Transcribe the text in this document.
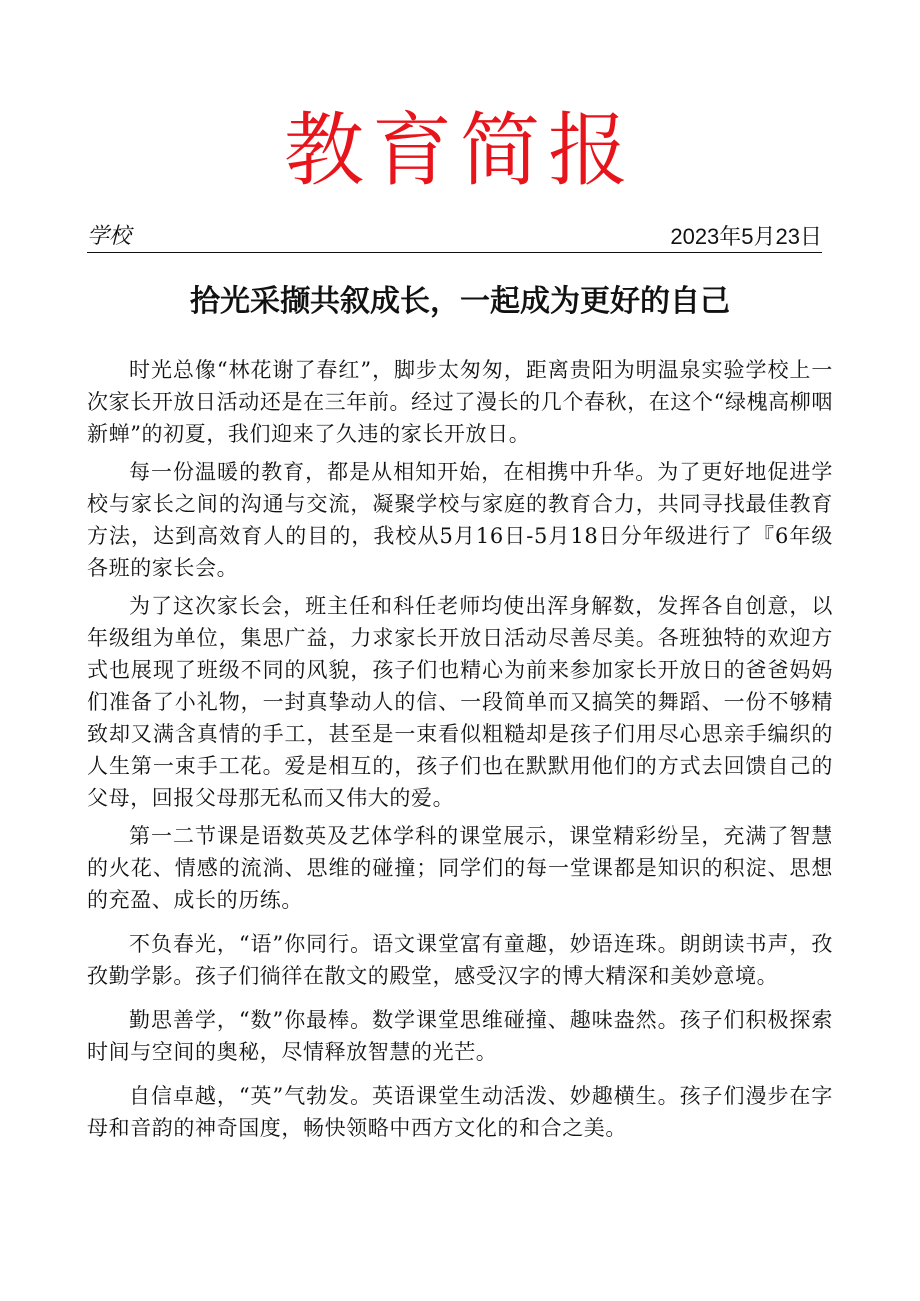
教育简报
学校	2023年5月23日
拾光采撷共叙成长，一起成为更好的自己

时光总像“林花谢了春红”，脚步太匆匆，距离贵阳为明温泉实验学校上一次家长开放日活动还是在三年前。经过了漫长的几个春秋，在这个“绿槐高柳咽新蝉”的初夏，我们迎来了久违的家长开放日。

每一份温暖的教育，都是从相知开始，在相携中升华。为了更好地促进学校与家长之间的沟通与交流，凝聚学校与家庭的教育合力，共同寻找最佳教育方法，达到高效育人的目的，我校从5月16日-5月18日分年级进行了『6年级各班的家长会。

为了这次家长会，班主任和科任老师均使出浑身解数，发挥各自创意，以年级组为单位，集思广益，力求家长开放日活动尽善尽美。各班独特的欢迎方式也展现了班级不同的风貌，孩子们也精心为前来参加家长开放日的爸爸妈妈们准备了小礼物，一封真挚动人的信、一段简单而又搞笑的舞蹈、一份不够精致却又满含真情的手工，甚至是一束看似粗糙却是孩子们用尽心思亲手编织的人生第一束手工花。爱是相互的，孩子们也在默默用他们的方式去回馈自己的父母，回报父母那无私而又伟大的爱。

第一二节课是语数英及艺体学科的课堂展示，课堂精彩纷呈，充满了智慧的火花、情感的流淌、思维的碰撞；同学们的每一堂课都是知识的积淀、思想的充盈、成长的历练。

不负春光，“语”你同行。语文课堂富有童趣，妙语连珠。朗朗读书声，孜孜勤学影。孩子们徜徉在散文的殿堂，感受汉字的博大精深和美妙意境。

勤思善学，“数”你最棒。数学课堂思维碰撞、趣味盎然。孩子们积极探索时间与空间的奥秘，尽情释放智慧的光芒。

自信卓越，“英”气勃发。英语课堂生动活泼、妙趣横生。孩子们漫步在字母和音韵的神奇国度，畅快领略中西方文化的和合之美。
